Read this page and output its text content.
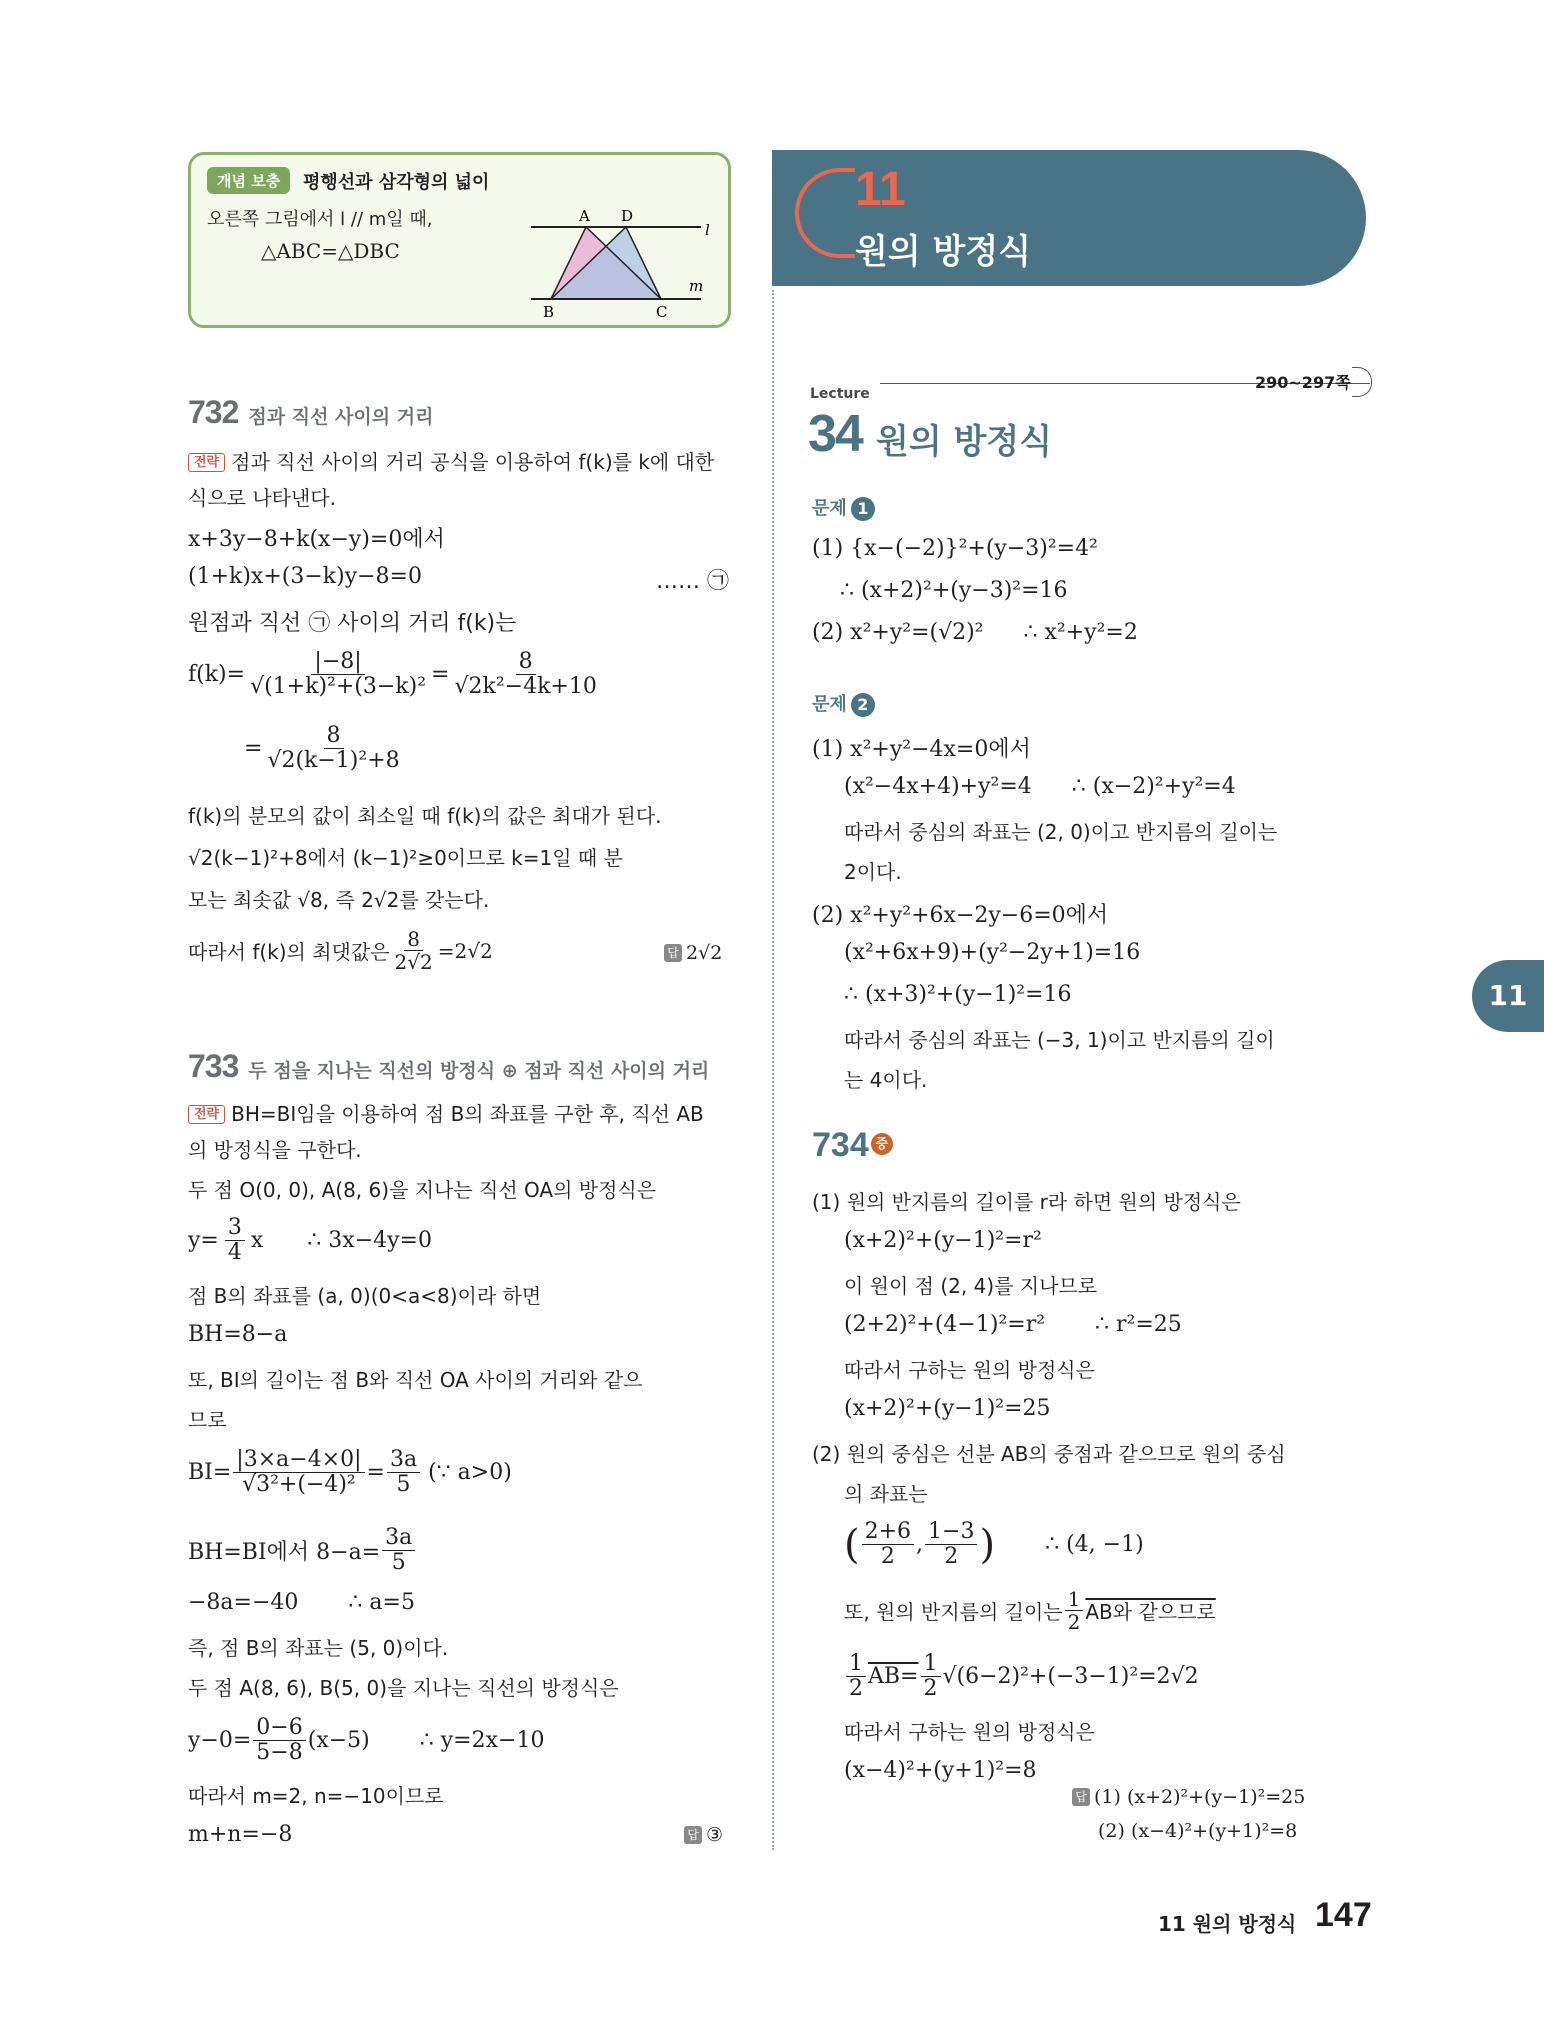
개념 보충	평행선과 삼각형의 넓이
오른쪽 그림에서 l // m일 때,
△ABC=△DBC
A D
l
B	C
m
732 점과 직선 사이의 거리
전략 점과 직선 사이의 거리 공식을 이용하여 f(k)를 k에 대한
식으로 나타낸다.
x+3y−8+k(x−y)=0에서
(1+k)x+(3−k)y−8=0	…… ㉠
원점과 직선 ㉠ 사이의 거리 f(k)는
$f(k)= \frac{|-8|}{\text{√(1+k)²+(3−k)²}} = \frac{8}{\text{√2k²−4k+10}}$
= $\frac{8}{\text{√2(k−1)²+8}}$
f(k)의 분모의 값이 최소일 때 f(k)의 값은 최대가 된다.
√2(k−1)²+8에서 (k−1)²≥0이므로 k=1일 때 분
모는 최솟값 √8, 즉 2√2를 갖는다.
따라서 f(k)의 최댓값은 $\frac{8}{2√2} =2√2$	답 2√2
733 두 점을 지나는 직선의 방정식 ⊕ 점과 직선 사이의 거리
전략 BH=BI임을 이용하여 점 B의 좌표를 구한 후, 직선 AB
의 방정식을 구한다.
두 점 O(0, 0), A(8, 6)을 지나는 직선 OA의 방정식은
$y= \frac{3}{4}$ x ∴ 3x−4y=0
점 B의 좌표를 (a, 0)(0<a<8)이라 하면
BH=8−a
또, BI의 길이는 점 B와 직선 OA 사이의 거리와 같으
므로
$BI= \frac{|3\times a-4\times 0|}{\text{√3²+(−4)²}} = \frac{3a}{5}$ (∵ a>0)
BH=BI에서 $8-a= \frac{3a}{5}$
−8a=−40 ∴ a=5
즉, 점 B의 좌표는 (5, 0)이다.
두 점 A(8, 6), B(5, 0)을 지나는 직선의 방정식은
$y-0= \frac{0-6}{5-8} (x-5)$ ∴ y=2x−10
따라서 m=2, n=−10이므로
m+n=−8	답 ③
11
원의 방정식
290~297쪽
Lecture
34 원의 방정식
문제 1
(1) {x−(−2)}²+(y−3)²=4²
∴ (x+2)²+(y−3)²=16
(2) x²+y²=(√2)² ∴ x²+y²=2
문제 2
(1) x²+y²−4x=0에서
(x²−4x+4)+y²=4 ∴ (x−2)²+y²=4
따라서 중심의 좌표는 (2, 0)이고 반지름의 길이는
2이다.
(2) x²+y²+6x−2y−6=0에서
(x²+6x+9)+(y²−2y+1)=16
∴ (x+3)²+(y−1)²=16
따라서 중심의 좌표는 (−3, 1)이고 반지름의 길이
는 4이다.
734 중
(1) 원의 반지름의 길이를 r라 하면 원의 방정식은
(x+2)²+(y−1)²=r²
이 원이 점 (2, 4)를 지나므로
(2+2)²+(4−1)²=r² ∴ r²=25
따라서 구하는 원의 방정식은
(x+2)²+(y−1)²=25
(2) 원의 중심은 선분 AB의 중점과 같으므로 원의 중심
의 좌표는
( $\frac{2+6}{2}$ , $\frac{1-3}{2}$ ) ∴ (4, −1)
또, 원의 반지름의 길이는 $\frac{1}{2}$ AB와 같으므로
$\frac{1}{2} AB= \frac{1}{2} √(6-2)^2+(-3-1)^2=2√2$
따라서 구하는 원의 방정식은
(x−4)²+(y+1)²=8
답 (1) (x+2)²+(y−1)²=25
(2) (x−4)²+(y+1)²=8
11
11 원의 방정식 147
